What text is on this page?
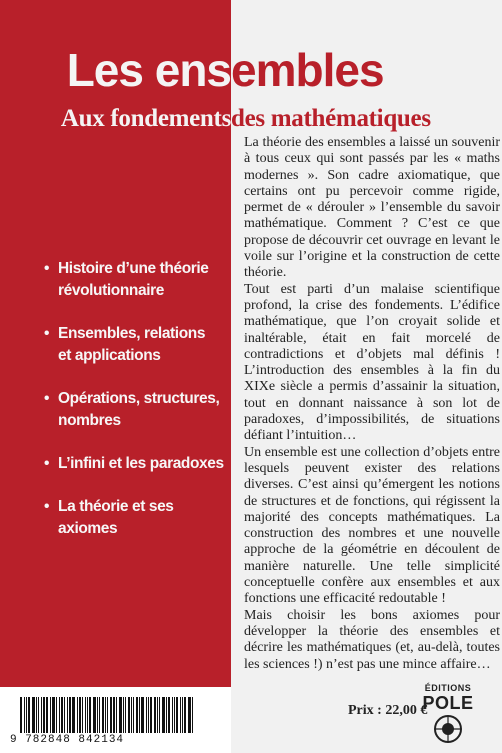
Les ens embles
Aux fondements des mathématiques
• Histoire d’une théorie
révolutionnaire
• Ensembles, relations
et applications
• Opérations, structures,
nombres
• L’infini et les paradoxes
• La théorie et ses axiomes

La théorie des ensembles a laissé un souvenir à tous ceux qui sont passés par les « maths modernes ». Son cadre axiomatique, que certains ont pu percevoir comme rigide, permet de « dérouler » l’ensemble du savoir mathématique. Comment ? C’est ce que propose de découvrir cet ouvrage en levant le voile sur l’origine et la construction de cette théorie.

Tout est parti d’un malaise scientifique profond, la crise des fondements. L’édifice mathématique, que l’on croyait solide et inaltérable, était en fait morcelé de contradictions et d’objets mal définis ! L’introduction des ensembles à la fin du XIXe siècle a permis d’assainir la situation, tout en donnant naissance à son lot de paradoxes, d’impossibilités, de situations défiant l’intuition…

Un ensemble est une collection d’objets entre lesquels peuvent exister des relations diverses. C’est ainsi qu’émergent les notions de structures et de fonctions, qui régissent la majorité des concepts mathématiques. La construction des nombres et une nouvelle approche de la géométrie en découlent de manière naturelle. Une telle simplicité conceptuelle confère aux ensembles et aux fonctions une efficacité redoutable !

Mais choisir les bons axiomes pour développer la théorie des ensembles et décrire les mathématiques (et, au-delà, toutes les sciences !) n’est pas une mince affaire…

9 782848 842134
Prix : 22,00 €
ÉDITIONS
POLE
